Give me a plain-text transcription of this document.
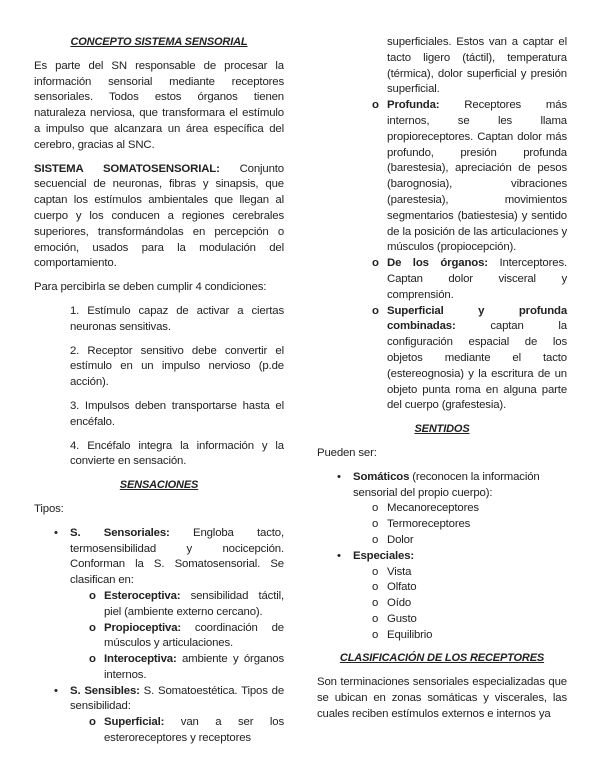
CONCEPTO SISTEMA SENSORIAL

Es parte del SN responsable de procesar la información sensorial mediante receptores sensoriales. Todos estos órganos tienen naturaleza nerviosa, que transformara el estímulo a impulso que alcanzara un área específica del cerebro, gracias al SNC.

SISTEMA SOMATOSENSORIAL: Conjunto secuencial de neuronas, fibras y sinapsis, que captan los estímulos ambientales que llegan al cuerpo y los conducen a regiones cerebrales superiores, transformándolas en percepción o emoción, usados para la modulación del comportamiento.

Para percibirla se deben cumplir 4 condiciones:

1. Estímulo capaz de activar a ciertas neuronas sensitivas.

2. Receptor sensitivo debe convertir el estímulo en un impulso nervioso (p.de acción).

3. Impulsos deben transportarse hasta el encéfalo.

4. Encéfalo integra la información y la convierte en sensación.

SENSACIONES

Tipos:

• S. Sensoriales: Engloba tacto, termosensibilidad y nocicepción. Conforman la S. Somatosensorial. Se clasifican en:
o Esteroceptiva: sensibilidad táctil, piel (ambiente externo cercano).
o Propioceptiva: coordinación de músculos y articulaciones.
o Interoceptiva: ambiente y órganos internos.
• S. Sensibles: S. Somatoestética. Tipos de sensibilidad:
o Superficial: van a ser los esteroreceptores y receptores
superficiales. Estos van a captar el tacto ligero (táctil), temperatura (térmica), dolor superficial y presión superficial.
o Profunda: Receptores más internos, se les llama propioreceptores. Captan dolor más profundo, presión profunda (barestesia), apreciación de pesos (barognosia), vibraciones (parestesia), movimientos segmentarios (batiestesia) y sentido de la posición de las articulaciones y músculos (propiocepción).
o De los órganos: Interceptores. Captan dolor visceral y comprensión.
o Superficial y profunda combinadas: captan la configuración espacial de los objetos mediante el tacto (estereognosia) y la escritura de un objeto punta roma en alguna parte del cuerpo (grafestesia).
SENTIDOS

Pueden ser:

• Somáticos (reconocen la información sensorial del propio cuerpo):
o Mecanoreceptores
o Termoreceptores
o Dolor
• Especiales:
o Vista
o Olfato
o Oído
o Gusto
o Equilibrio
CLASIFICACIÓN DE LOS RECEPTORES

Son terminaciones sensoriales especializadas que se ubican en zonas somáticas y viscerales, las cuales reciben estímulos externos e internos ya
